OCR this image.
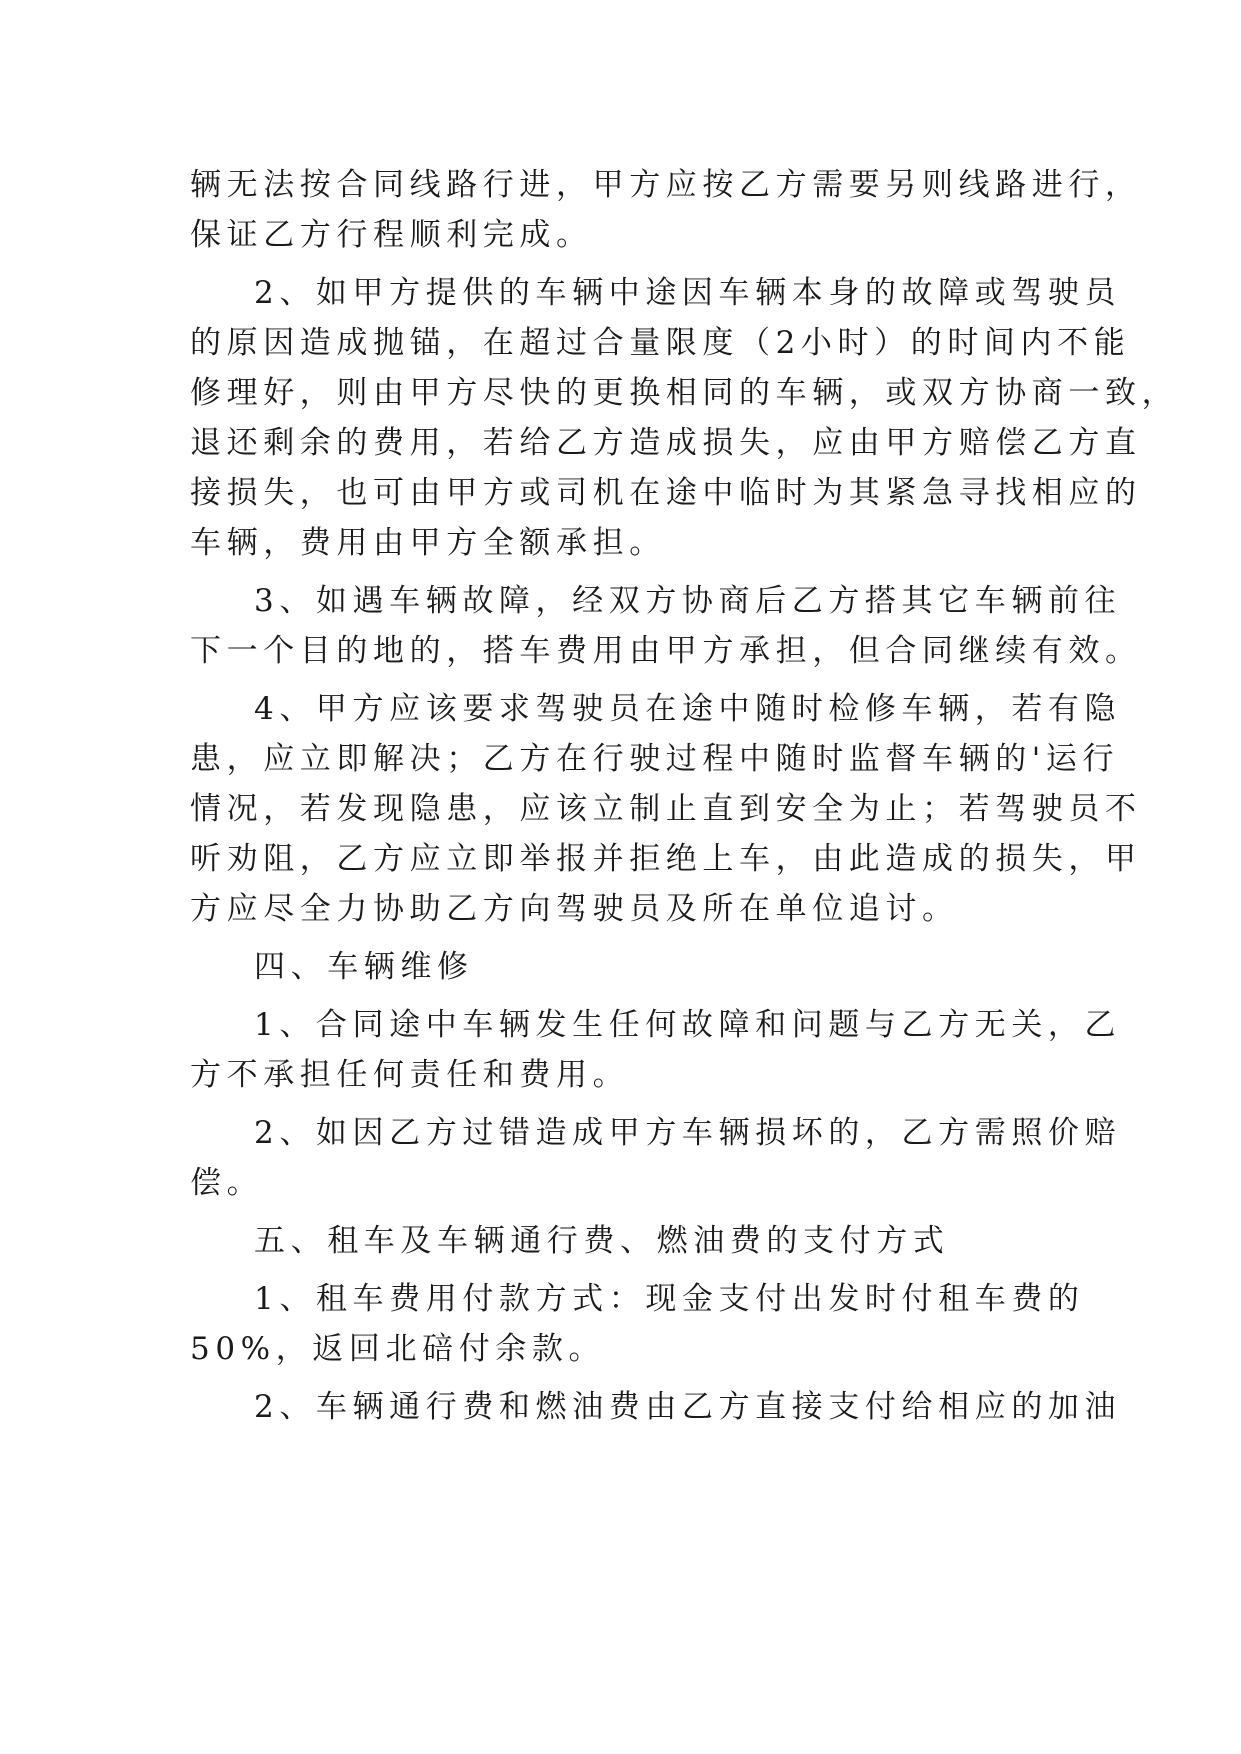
辆无法按合同线路行进，甲方应按乙方需要另则线路进行，
保证乙方行程顺利完成。
2、如甲方提供的车辆中途因车辆本身的故障或驾驶员
的原因造成抛锚，在超过合量限度（2小时）的时间内不能
修理好，则由甲方尽快的更换相同的车辆，或双方协商一致，
退还剩余的费用，若给乙方造成损失，应由甲方赔偿乙方直
接损失，也可由甲方或司机在途中临时为其紧急寻找相应的
车辆，费用由甲方全额承担。
3、如遇车辆故障，经双方协商后乙方搭其它车辆前往
下一个目的地的，搭车费用由甲方承担，但合同继续有效。
4、甲方应该要求驾驶员在途中随时检修车辆，若有隐
患，应立即解决；乙方在行驶过程中随时监督车辆的'运行
情况，若发现隐患，应该立制止直到安全为止；若驾驶员不
听劝阻，乙方应立即举报并拒绝上车，由此造成的损失，甲
方应尽全力协助乙方向驾驶员及所在单位追讨。
四、车辆维修
1、合同途中车辆发生任何故障和问题与乙方无关，乙
方不承担任何责任和费用。
2、如因乙方过错造成甲方车辆损坏的，乙方需照价赔
偿。
五、租车及车辆通行费、燃油费的支付方式
1、租车费用付款方式：现金支付出发时付租车费的
50%，返回北碚付余款。
2、车辆通行费和燃油费由乙方直接支付给相应的加油
